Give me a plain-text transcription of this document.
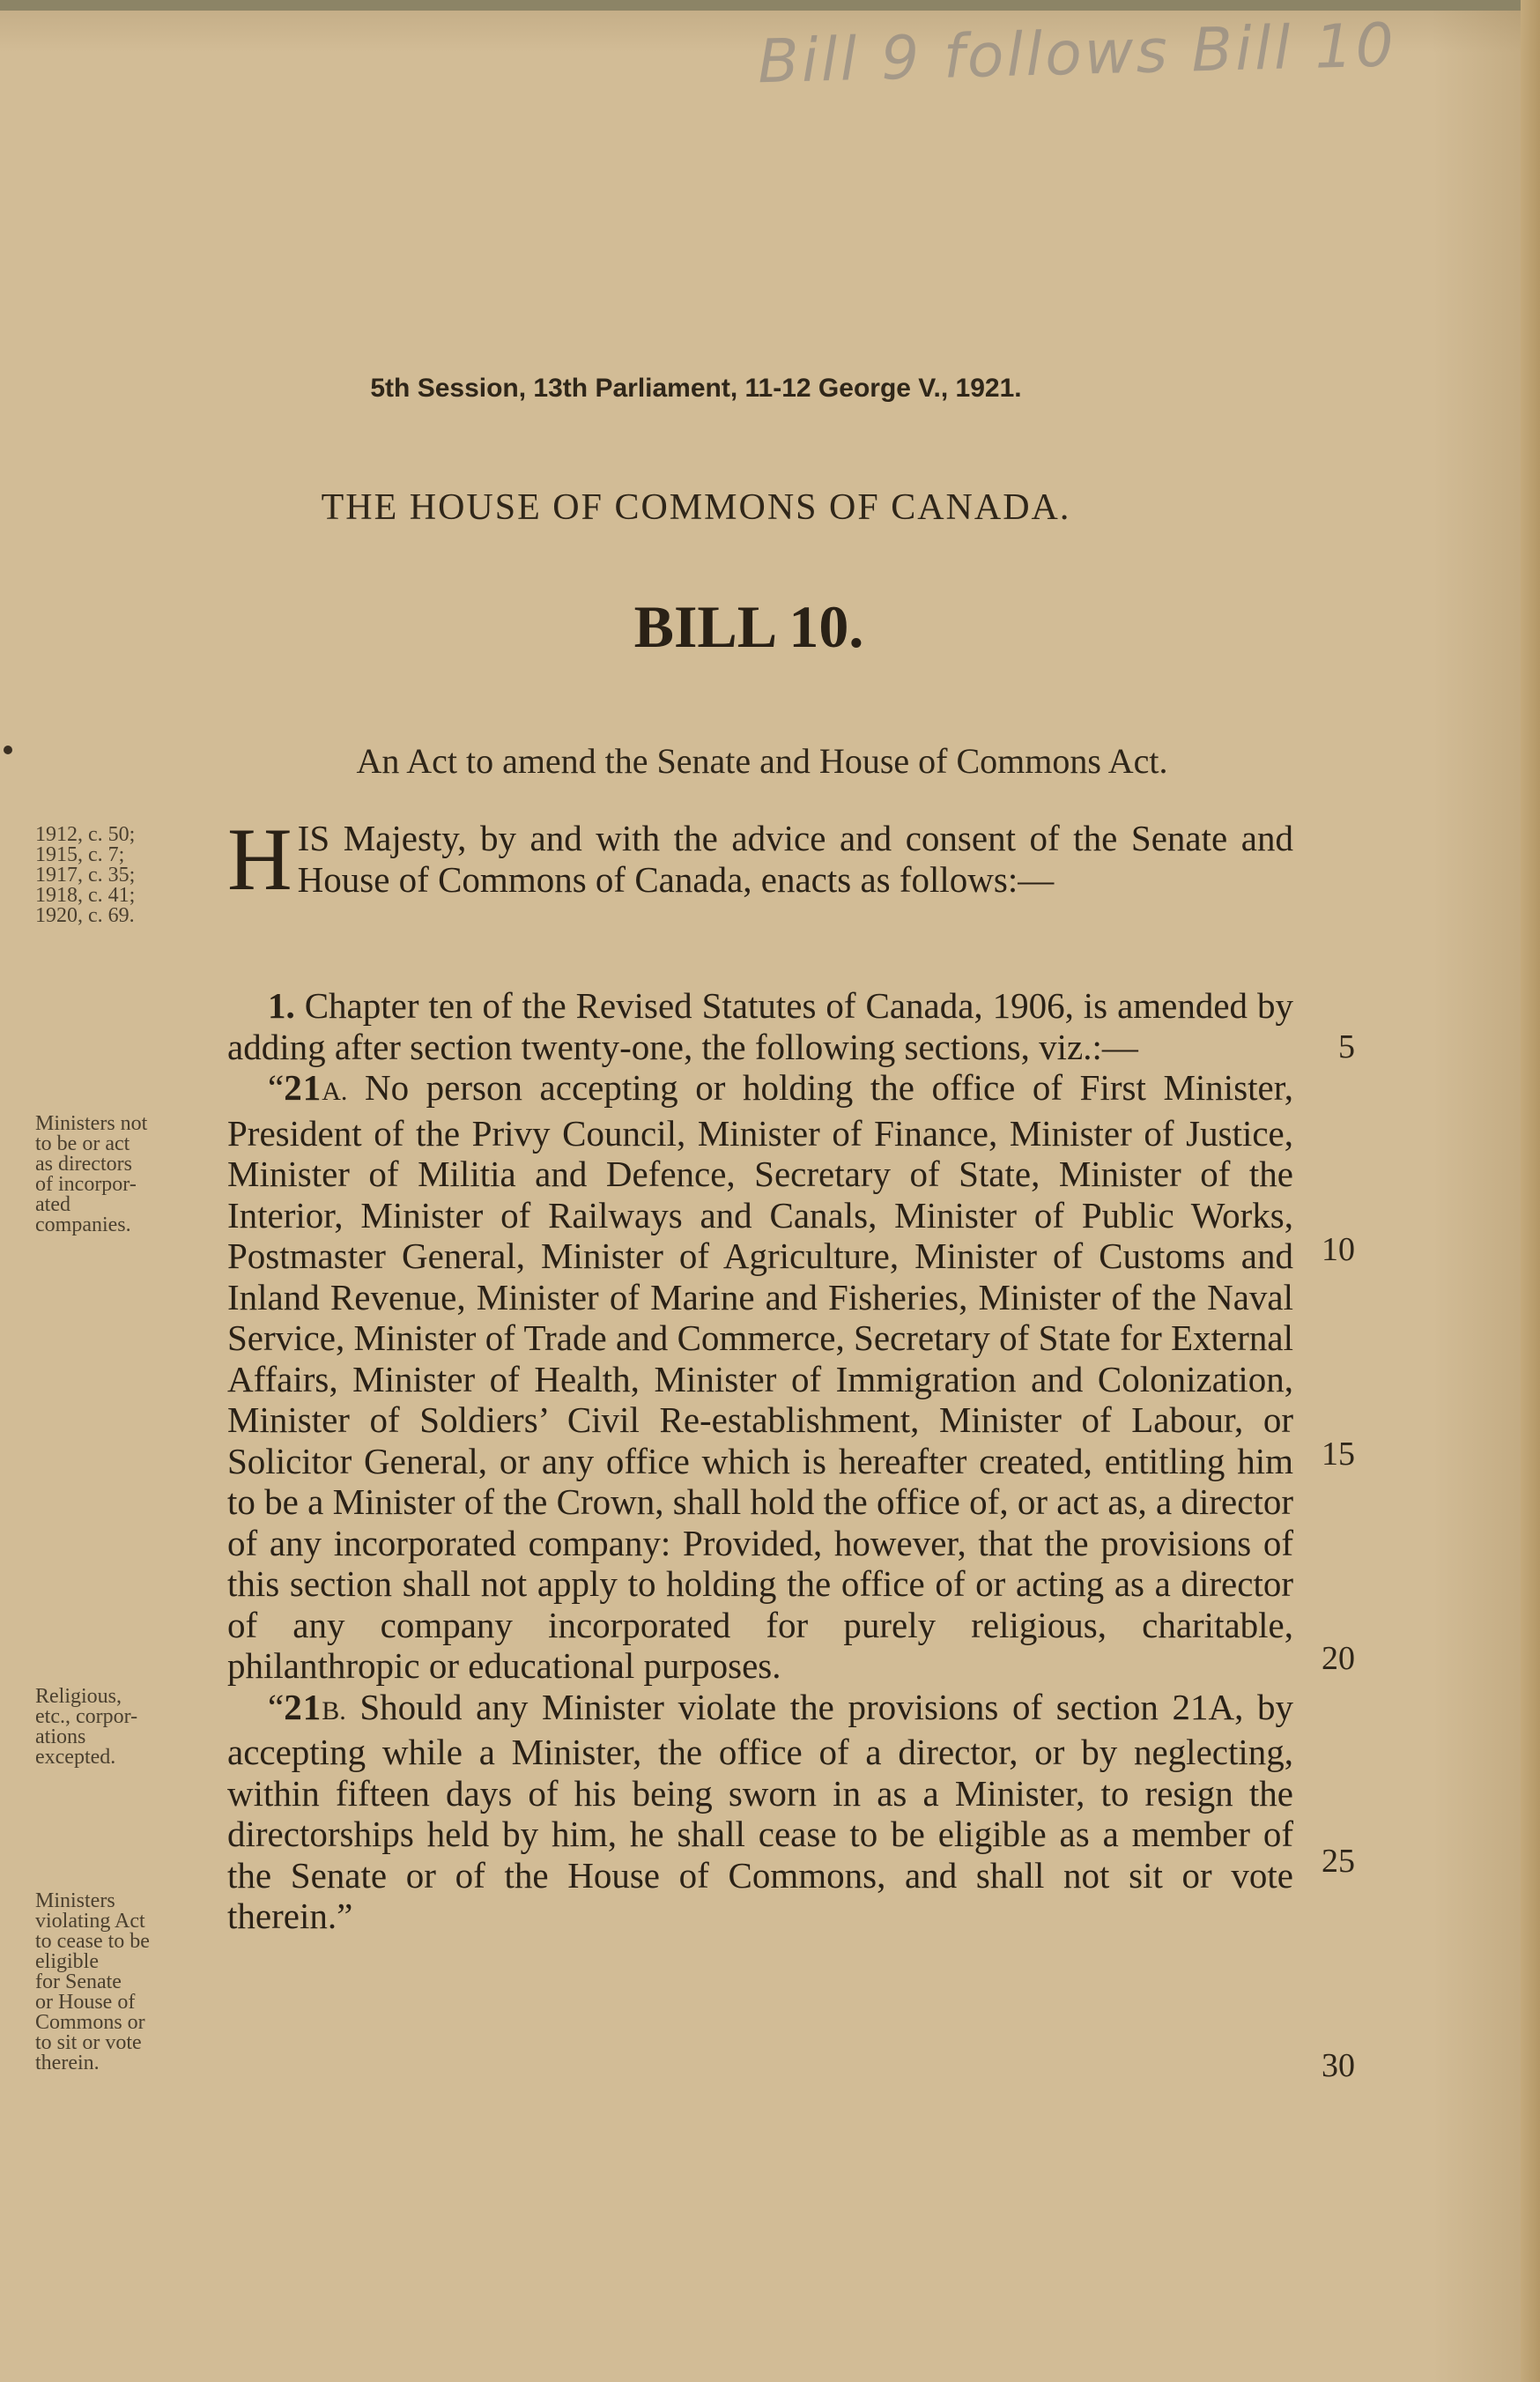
Bill 9 follows Bill 10
5th Session, 13th Parliament, 11-12 George V., 1921.
THE HOUSE OF COMMONS OF CANADA.
BILL 10.
An Act to amend the Senate and House of Commons Act.
1912, c. 50;
1915, c. 7;
1917, c. 35;
1918, c. 41;
1920, c. 69.
Ministers not
to be or act
as directors
of incorpor-
ated
companies.
Religious,
etc., corpor-
ations
excepted.
Ministers
violating Act
to cease to be
eligible
for Senate
or House of
Commons or
to sit or vote
therein.

HIS Majesty, by and with the advice and consent of the Senate and House of Commons of Canada, enacts as follows:—

1. Chapter ten of the Revised Statutes of Canada, 1906, is amended by adding after section twenty-one, the following sections, viz.:—

“21A. No person accepting or holding the office of First Minister, President of the Privy Council, Minister of Finance, Minister of Justice, Minister of Militia and Defence, Secretary of State, Minister of the Interior, Minister of Railways and Canals, Minister of Public Works, Postmaster General, Minister of Agriculture, Minister of Customs and Inland Revenue, Minister of Marine and Fisheries, Minister of the Naval Service, Minister of Trade and Commerce, Secretary of State for External Affairs, Minister of Health, Minister of Immigration and Colonization, Minister of Soldiers’ Civil Re-establishment, Minister of Labour, or Solicitor General, or any office which is hereafter created, entitling him to be a Minister of the Crown, shall hold the office of, or act as, a director of any incorporated company: Provided, however, that the provisions of this section shall not apply to holding the office of or acting as a director of any company incorporated for purely religious, charitable, philanthropic or educational purposes.

“21B. Should any Minister violate the provisions of section 21A, by accepting while a Minister, the office of a director, or by neglecting, within fifteen days of his being sworn in as a Minister, to resign the directorships held by him, he shall cease to be eligible as a member of the Senate or of the House of Commons, and shall not sit or vote therein.”

5
10
15
20
25
30
